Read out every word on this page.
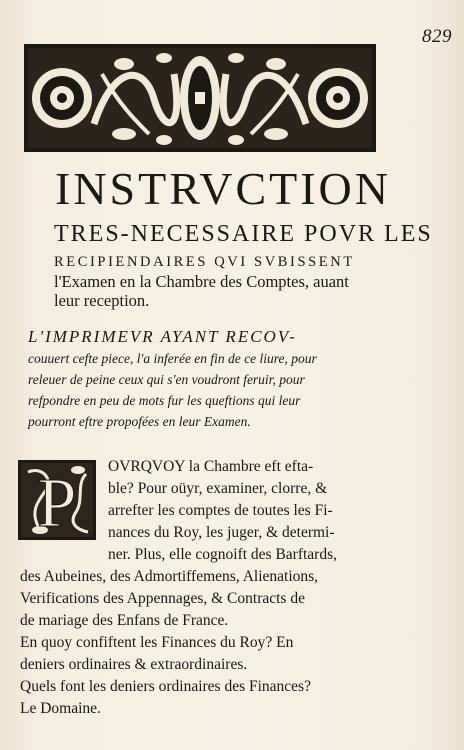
829
INSTRVCTION
TRES-NECESSAIRE POVR LES
RECIPIENDAIRES QVI SVBISSENT
l'Examen en la Chambre des Comptes, auant
leur reception.
L'IMPRIMEVR AYANT RECOV-
couuert cefte piece, l'a inferée en fin de ce liure, pour
releuer de peine ceux qui s'en voudront feruir, pour
refpondre en peu de mots fur les queftions qui leur
pourront eftre propofées en leur Examen.
P OVRQVOY la Chambre eft efta-
ble? Pour oüyr, examiner, clorre, &
arrefter les comptes de toutes les Fi-
nances du Roy, les juger, & determi-
ner. Plus, elle cognoift des Barftards,
des Aubeines, des Admortiffemens, Alienations,
Verifications des Appennages, & Contracts de
de mariage des Enfans de France.
En quoy confiftent les Finances du Roy? En
deniers ordinaires & extraordinaires.
Quels font les deniers ordinaires des Finances?
Le Domaine.
